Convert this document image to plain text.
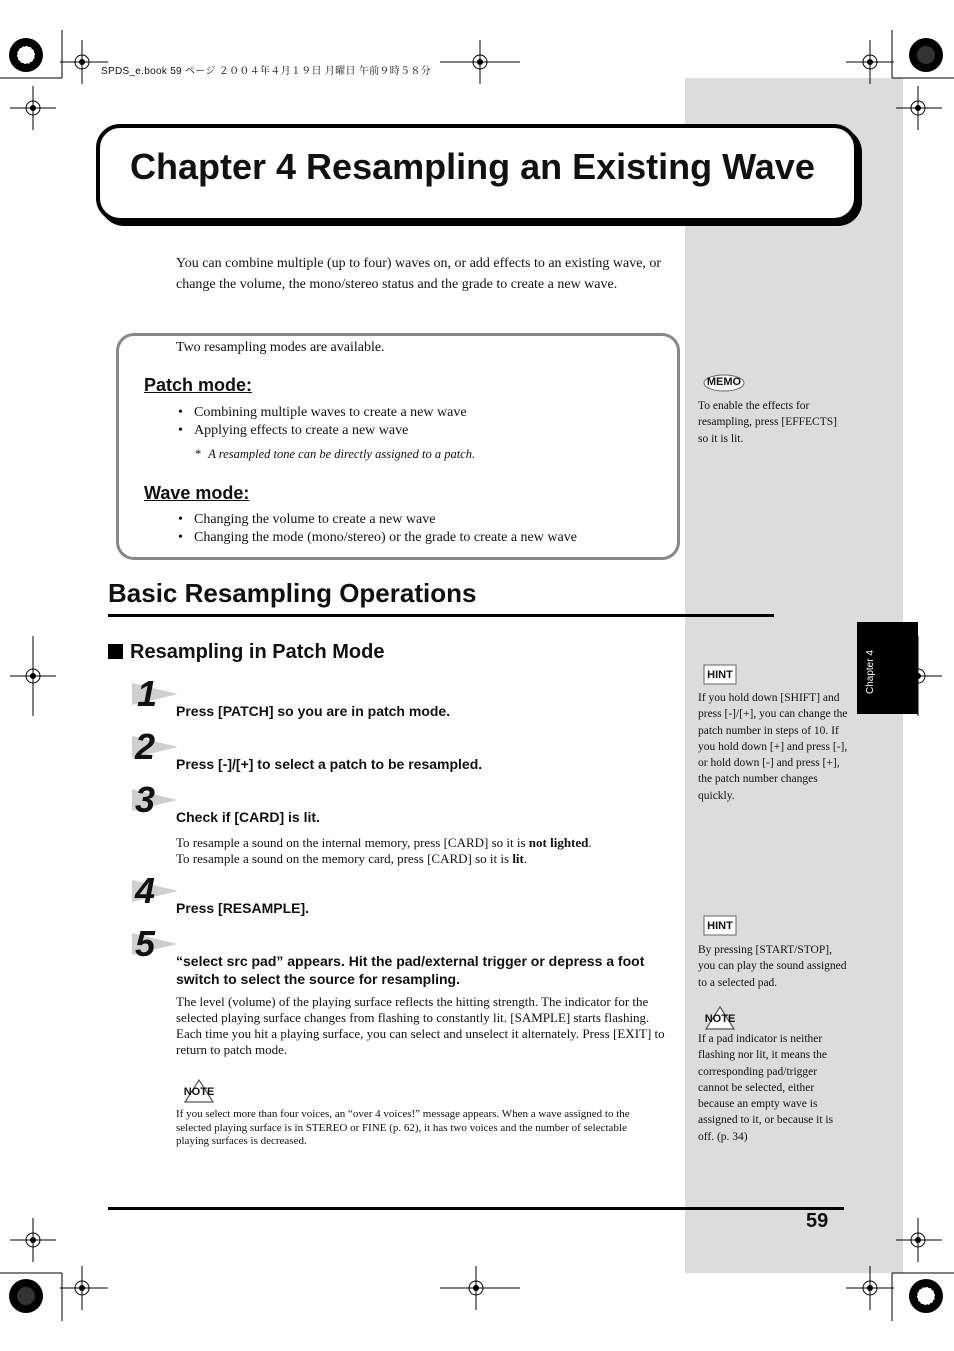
SPDS_e.book 59 ページ ２００４年４月１９日 月曜日 午前９時５８分
Chapter 4
Chapter 4 Resampling an Existing Wave
You can combine multiple (up to four) waves on, or add effects to an existing wave, or change the volume, the mono/stereo status and the grade to create a new wave.
Two resampling modes are available.
Patch mode:
• Combining multiple waves to create a new wave
• Applying effects to create a new wave
* A resampled tone can be directly assigned to a patch.
Wave mode:
• Changing the volume to create a new wave
• Changing the mode (mono/stereo) or the grade to create a new wave
Basic Resampling Operations
Resampling in Patch Mode
1 Press [PATCH] so you are in patch mode.
2 Press [-]/[+] to select a patch to be resampled.
3 Check if [CARD] is lit.
To resample a sound on the internal memory, press [CARD] so it is not lighted.
To resample a sound on the memory card, press [CARD] so it is lit.
4 Press [RESAMPLE].
5 “select src pad” appears. Hit the pad/external trigger or depress a foot switch to select the source for resampling.
The level (volume) of the playing surface reflects the hitting strength. The indicator for the selected playing surface changes from flashing to constantly lit. [SAMPLE] starts flashing. Each time you hit a playing surface, you can select and unselect it alternately. Press [EXIT] to return to patch mode.
NOTE
If you select more than four voices, an “over 4 voices!” message appears. When a wave assigned to the selected playing surface is in STEREO or FINE (p. 62), it has two voices and the number of selectable playing surfaces is decreased.
MEMO
To enable the effects for resampling, press [EFFECTS] so it is lit.
HINT
If you hold down [SHIFT] and press [-]/[+], you can change the patch number in steps of 10. If you hold down [+] and press [-], or hold down [-] and press [+], the patch number changes quickly.
HINT
By pressing [START/STOP], you can play the sound assigned to a selected pad.
NOTE
If a pad indicator is neither flashing nor lit, it means the corresponding pad/trigger cannot be selected, either because an empty wave is assigned to it, or because it is off. (p. 34)
59
